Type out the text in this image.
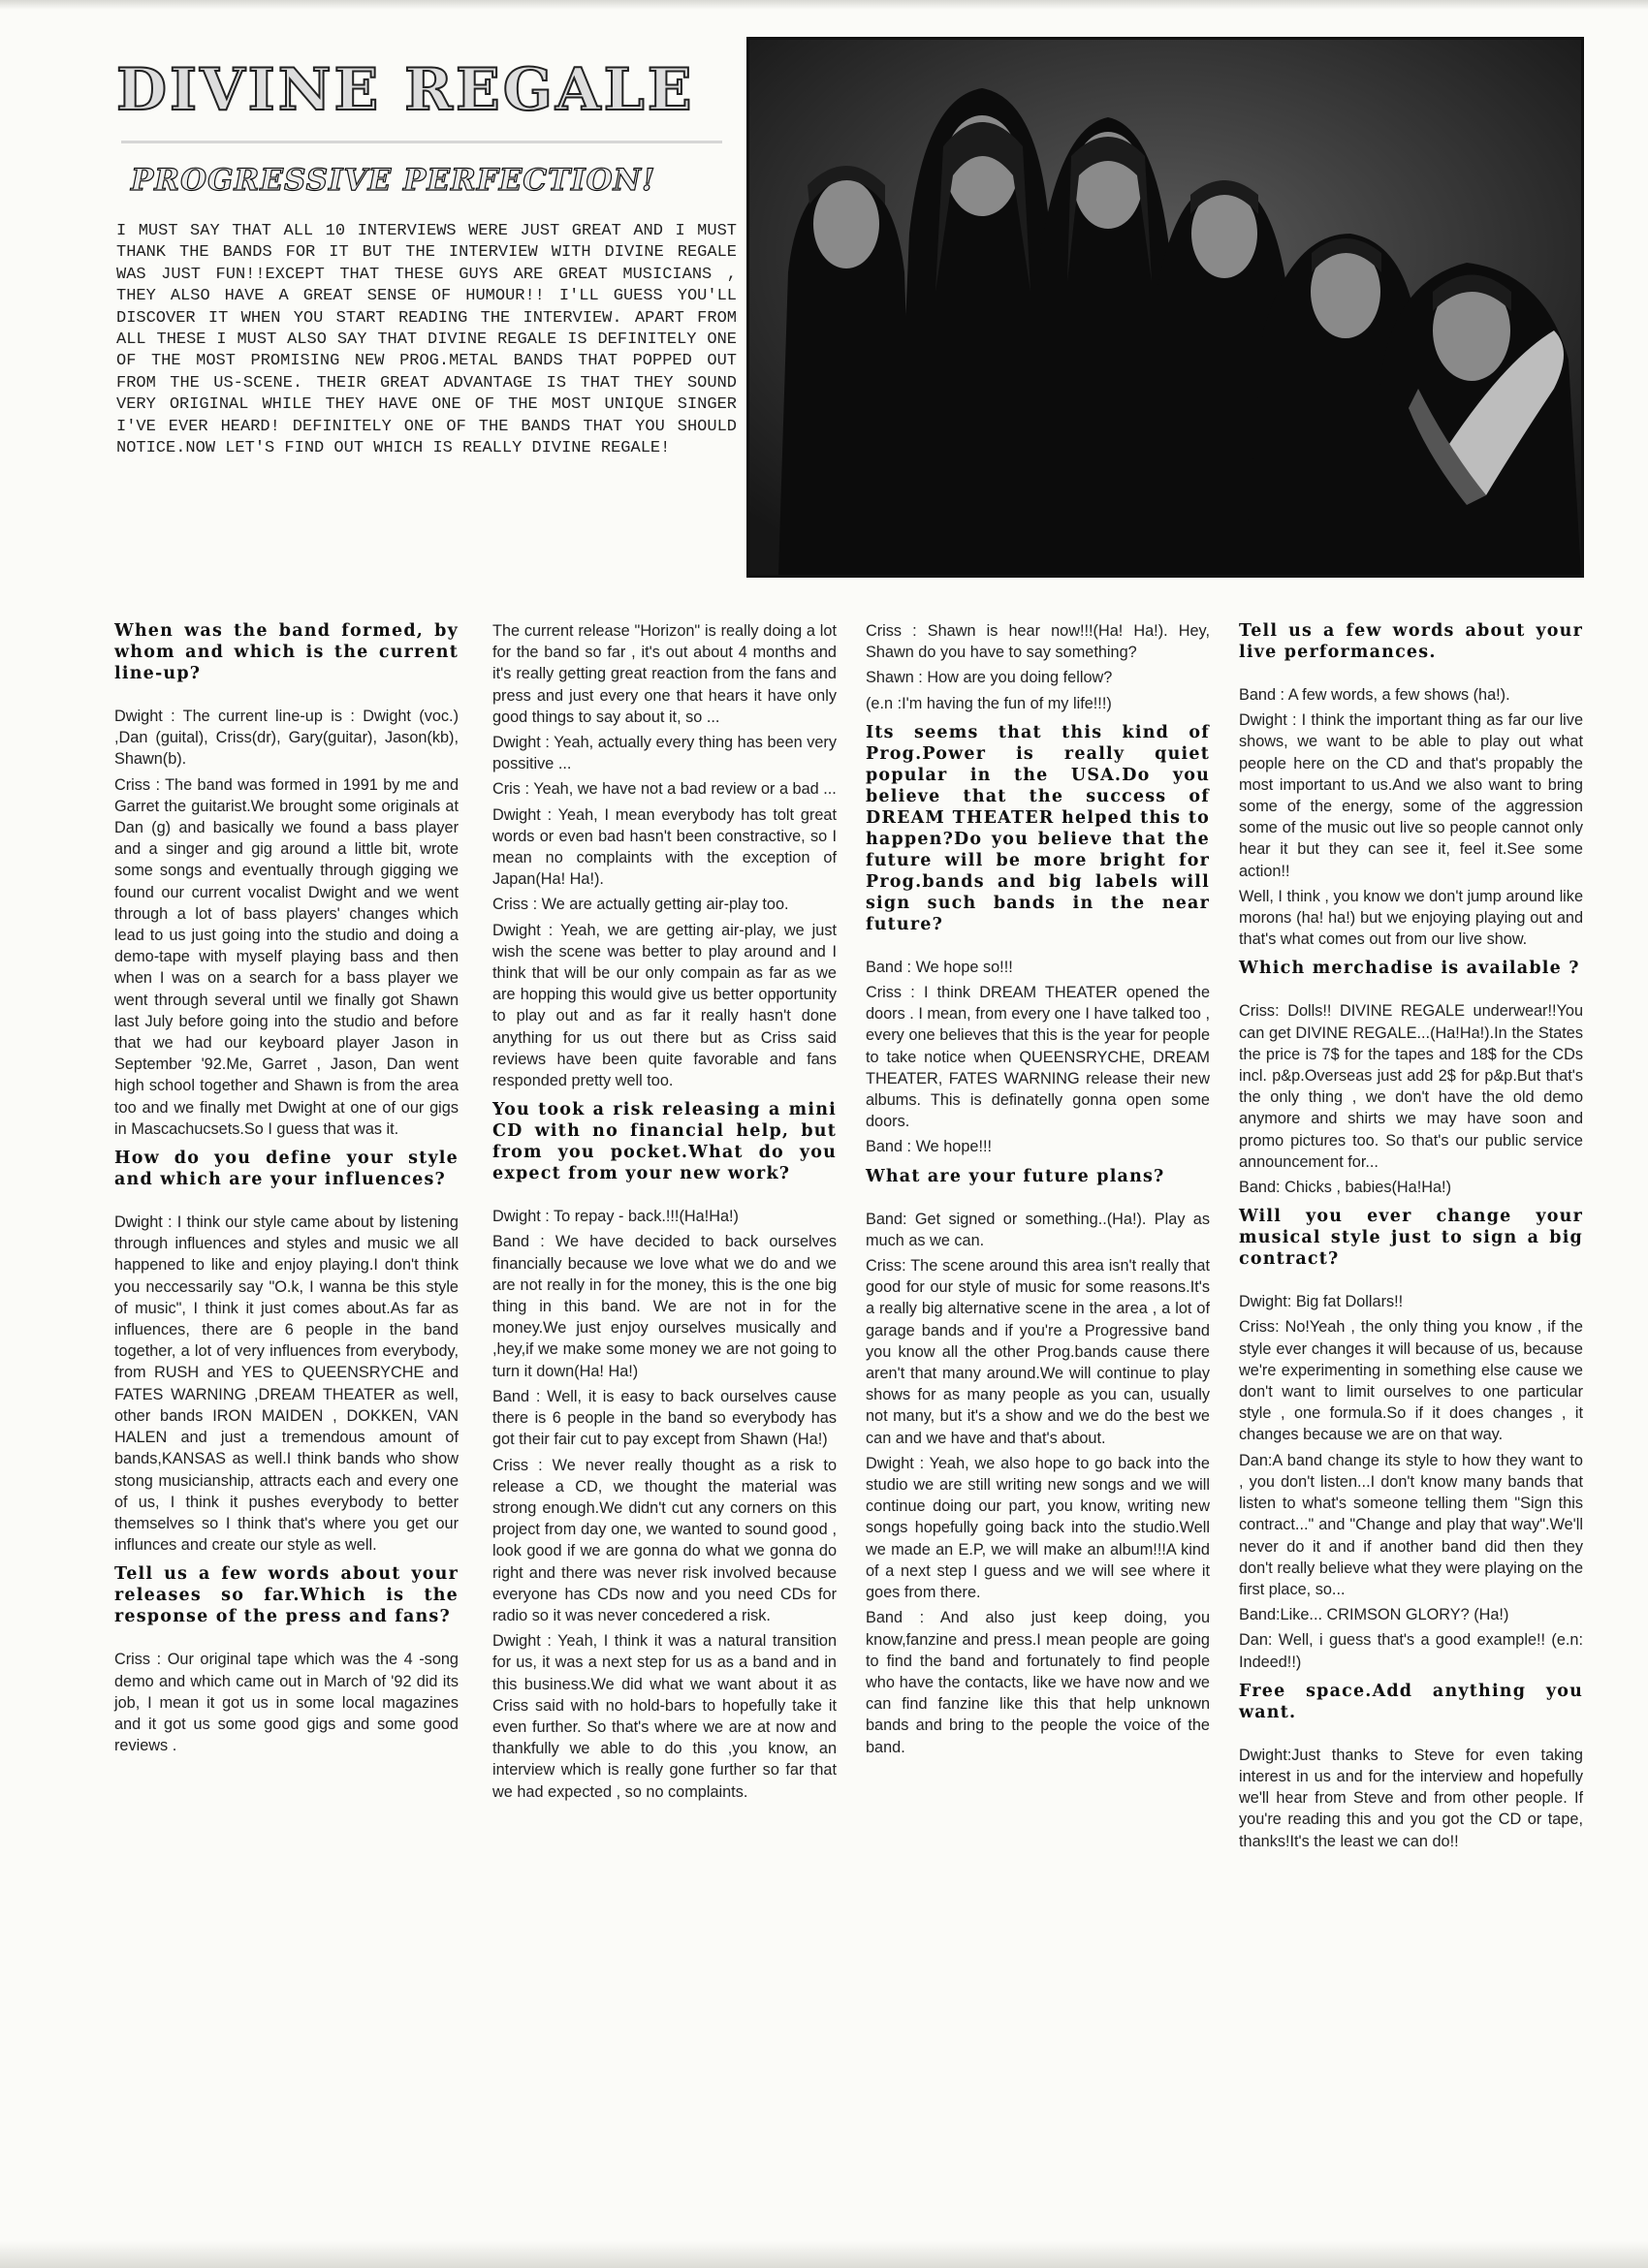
DIVINE REGALE
PROGRESSIVE PERFECTION!

I MUST SAY THAT ALL 10 INTERVIEWS WERE JUST GREAT AND I MUST THANK THE BANDS FOR IT BUT THE INTERVIEW WITH DIVINE REGALE WAS JUST FUN!!EXCEPT THAT THESE GUYS ARE GREAT MUSICIANS , THEY ALSO HAVE A GREAT SENSE OF HUMOUR!! I'LL GUESS YOU'LL DISCOVER IT WHEN YOU START READING THE INTERVIEW. APART FROM ALL THESE I MUST ALSO SAY THAT DIVINE REGALE IS DEFINITELY ONE OF THE MOST PROMISING NEW PROG.METAL BANDS THAT POPPED OUT FROM THE US-SCENE. THEIR GREAT ADVANTAGE IS THAT THEY SOUND VERY ORIGINAL WHILE THEY HAVE ONE OF THE MOST UNIQUE SINGER I'VE EVER HEARD! DEFINITELY ONE OF THE BANDS THAT YOU SHOULD NOTICE.NOW LET'S FIND OUT WHICH IS REALLY DIVINE REGALE!

When was the band formed, by whom and which is the current line-up?

Dwight : The current line-up is : Dwight (voc.) ,Dan (guital), Criss(dr), Gary(guitar), Jason(kb), Shawn(b).

Criss : The band was formed in 1991 by me and Garret the guitarist.We brought some originals at Dan (g) and basically we found a bass player and a singer and gig around a little bit, wrote some songs and eventually through gigging we found our current vocalist Dwight and we went through a lot of bass players' changes which lead to us just going into the studio and doing a demo-tape with myself playing bass and then when I was on a search for a bass player we went through several until we finally got Shawn last July before going into the studio and before that we had our keyboard player Jason in September '92.Me, Garret , Jason, Dan went high school together and Shawn is from the area too and we finally met Dwight at one of our gigs in Mascachucsets.So I guess that was it.

How do you define your style and which are your influences?

Dwight : I think our style came about by listening through influences and styles and music we all happened to like and enjoy playing.I don't think you neccessarily say "O.k, I wanna be this style of music", I think it just comes about.As far as influences, there are 6 people in the band together, a lot of very influences from everybody, from RUSH and YES to QUEENSRYCHE and FATES WARNING ,DREAM THEATER as well, other bands IRON MAIDEN , DOKKEN, VAN HALEN and just a tremendous amount of bands,KANSAS as well.I think bands who show stong musicianship, attracts each and every one of us, I think it pushes everybody to better themselves so I think that's where you get our influnces and create our style as well.

Tell us a few words about your releases so far.Which is the response of the press and fans?

Criss : Our original tape which was the 4 -song demo and which came out in March of '92 did its job, I mean it got us in some local magazines and it got us some good gigs and some good reviews .

The current release "Horizon" is really doing a lot for the band so far , it's out about 4 months and it's really getting great reaction from the fans and press and just every one that hears it have only good things to say about it, so ...

Dwight : Yeah, actually every thing has been very possitive ...

Cris : Yeah, we have not a bad review or a bad ...

Dwight : Yeah, I mean everybody has tolt great words or even bad hasn't been constractive, so I mean no complaints with the exception of Japan(Ha! Ha!).

Criss : We are actually getting air-play too.

Dwight : Yeah, we are getting air-play, we just wish the scene was better to play around and I think that will be our only compain as far as we are hopping this would give us better opportunity to play out and as far it really hasn't done anything for us out there but as Criss said reviews have been quite favorable and fans responded pretty well too.

You took a risk releasing a mini CD with no financial help, but from you pocket.What do you expect from your new work?

Dwight : To repay - back.!!!(Ha!Ha!)

Band : We have decided to back ourselves financially because we love what we do and we are not really in for the money, this is the one big thing in this band. We are not in for the money.We just enjoy ourselves musically and ,hey,if we make some money we are not going to turn it down(Ha! Ha!)

Band : Well, it is easy to back ourselves cause there is 6 people in the band so everybody has got their fair cut to pay except from Shawn (Ha!)

Criss : We never really thought as a risk to release a CD, we thought the material was strong enough.We didn't cut any corners on this project from day one, we wanted to sound good , look good if we are gonna do what we gonna do right and there was never risk involved because everyone has CDs now and you need CDs for radio so it was never concedered a risk.

Dwight : Yeah, I think it was a natural transition for us, it was a next step for us as a band and in this business.We did what we want about it as Criss said with no hold-bars to hopefully take it even further. So that's where we are at now and thankfully we able to do this ,you know, an interview which is really gone further so far that we had expected , so no complaints.

Criss : Shawn is hear now!!!(Ha! Ha!). Hey, Shawn do you have to say something?

Shawn : How are you doing fellow?

(e.n :I'm having the fun of my life!!!)

Its seems that this kind of Prog.Power is really quiet popular in the USA.Do you believe that the success of DREAM THEATER helped this to happen?Do you believe that the future will be more bright for Prog.bands and big labels will sign such bands in the near future?

Band : We hope so!!!

Criss : I think DREAM THEATER opened the doors . I mean, from every one I have talked too , every one believes that this is the year for people to take notice when QUEENSRYCHE, DREAM THEATER, FATES WARNING release their new albums. This is definatelly gonna open some doors.

Band : We hope!!!

What are your future plans?

Band: Get signed or something..(Ha!). Play as much as we can.

Criss: The scene around this area isn't really that good for our style of music for some reasons.It's a really big alternative scene in the area , a lot of garage bands and if you're a Progressive band you know all the other Prog.bands cause there aren't that many around.We will continue to play shows for as many people as you can, usually not many, but it's a show and we do the best we can and we have and that's about.

Dwight : Yeah, we also hope to go back into the studio we are still writing new songs and we will continue doing our part, you know, writing new songs hopefully going back into the studio.Well we made an E.P, we will make an album!!!A kind of a next step I guess and we will see where it goes from there.

Band : And also just keep doing, you know,fanzine and press.I mean people are going to find the band and fortunately to find people who have the contacts, like we have now and we can find fanzine like this that help unknown bands and bring to the people the voice of the band.

Tell us a few words about your live performances.

Band : A few words, a few shows (ha!).

Dwight : I think the important thing as far our live shows, we want to be able to play out what people here on the CD and that's propably the most important to us.And we also want to bring some of the energy, some of the aggression some of the music out live so people cannot only hear it but they can see it, feel it.See some action!!

Well, I think , you know we don't jump around like morons (ha! ha!) but we enjoying playing out and that's what comes out from our live show.

Which merchadise is available ?

Criss: Dolls!! DIVINE REGALE underwear!!You can get DIVINE REGALE...(Ha!Ha!).In the States the price is 7$ for the tapes and 18$ for the CDs incl. p&p.Overseas just add 2$ for p&p.But that's the only thing , we don't have the old demo anymore and shirts we may have soon and promo pictures too. So that's our public service announcement for...

Band: Chicks , babies(Ha!Ha!)

Will you ever change your musical style just to sign a big contract?

Dwight: Big fat Dollars!!

Criss: No!Yeah , the only thing you know , if the style ever changes it will because of us, because we're experimenting in something else cause we don't want to limit ourselves to one particular style , one formula.So if it does changes , it changes because we are on that way.

Dan:A band change its style to how they want to , you don't listen...I don't know many bands that listen to what's someone telling them "Sign this contract..." and "Change and play that way".We'll never do it and if another band did then they don't really believe what they were playing on the first place, so...

Band:Like... CRIMSON GLORY? (Ha!)

Dan: Well, i guess that's a good example!! (e.n: Indeed!!)

Free space.Add anything you want.

Dwight:Just thanks to Steve for even taking interest in us and for the interview and hopefully we'll hear from Steve and from other people. If you're reading this and you got the CD or tape, thanks!It's the least we can do!!
